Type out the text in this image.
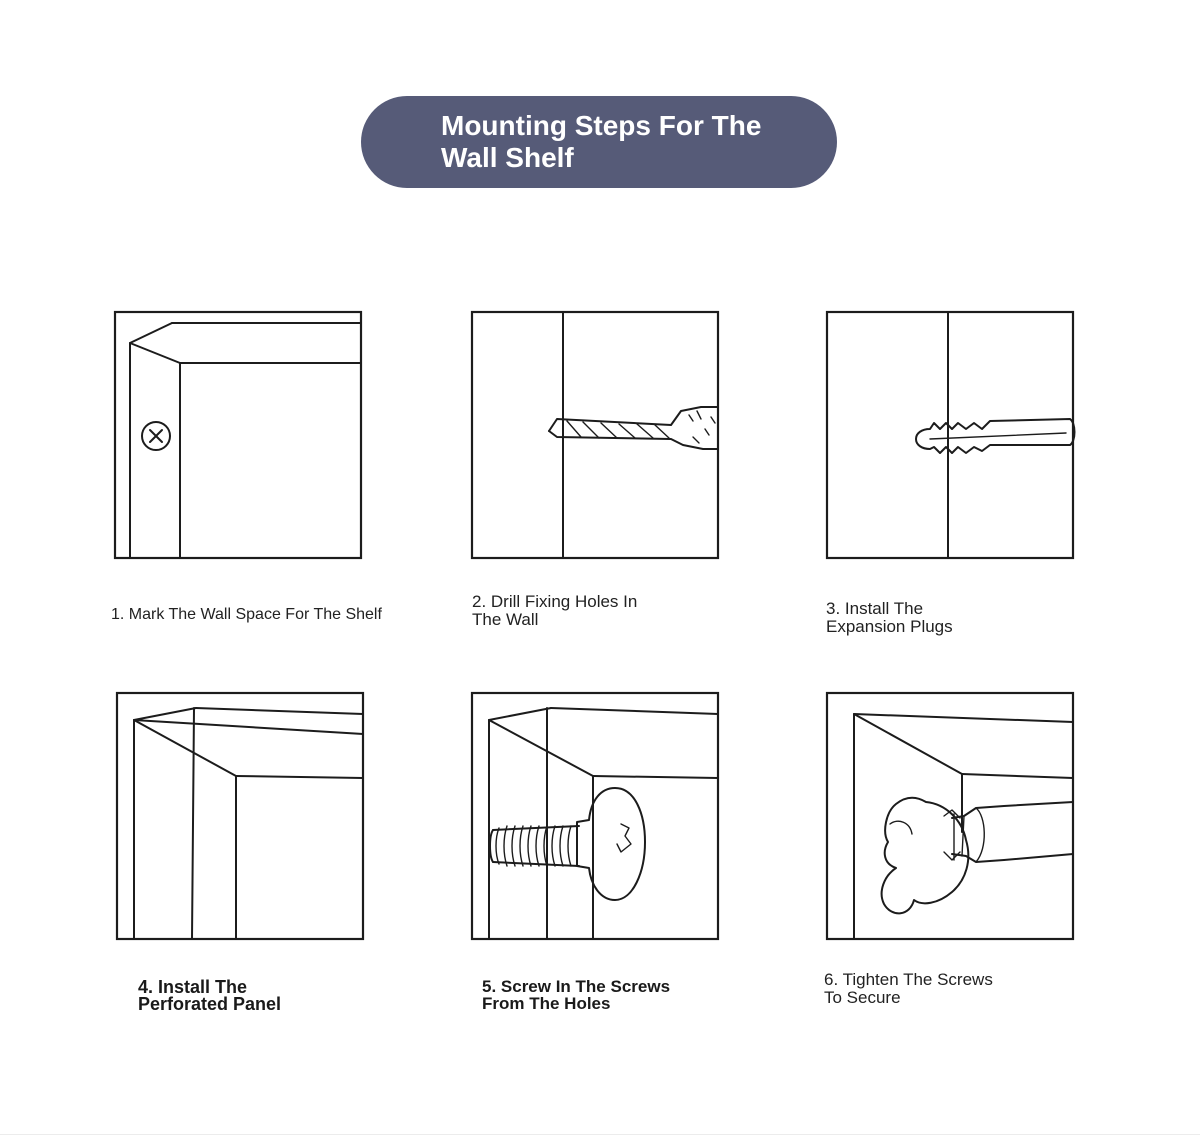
Mounting Steps For The
Wall Shelf
1. Mark The Wall Space For The Shelf
2. Drill Fixing Holes In
The Wall
3. Install The
Expansion Plugs
4. Install The
Perforated Panel
5. Screw In The Screws
From The Holes
6. Tighten The Screws
To Secure
